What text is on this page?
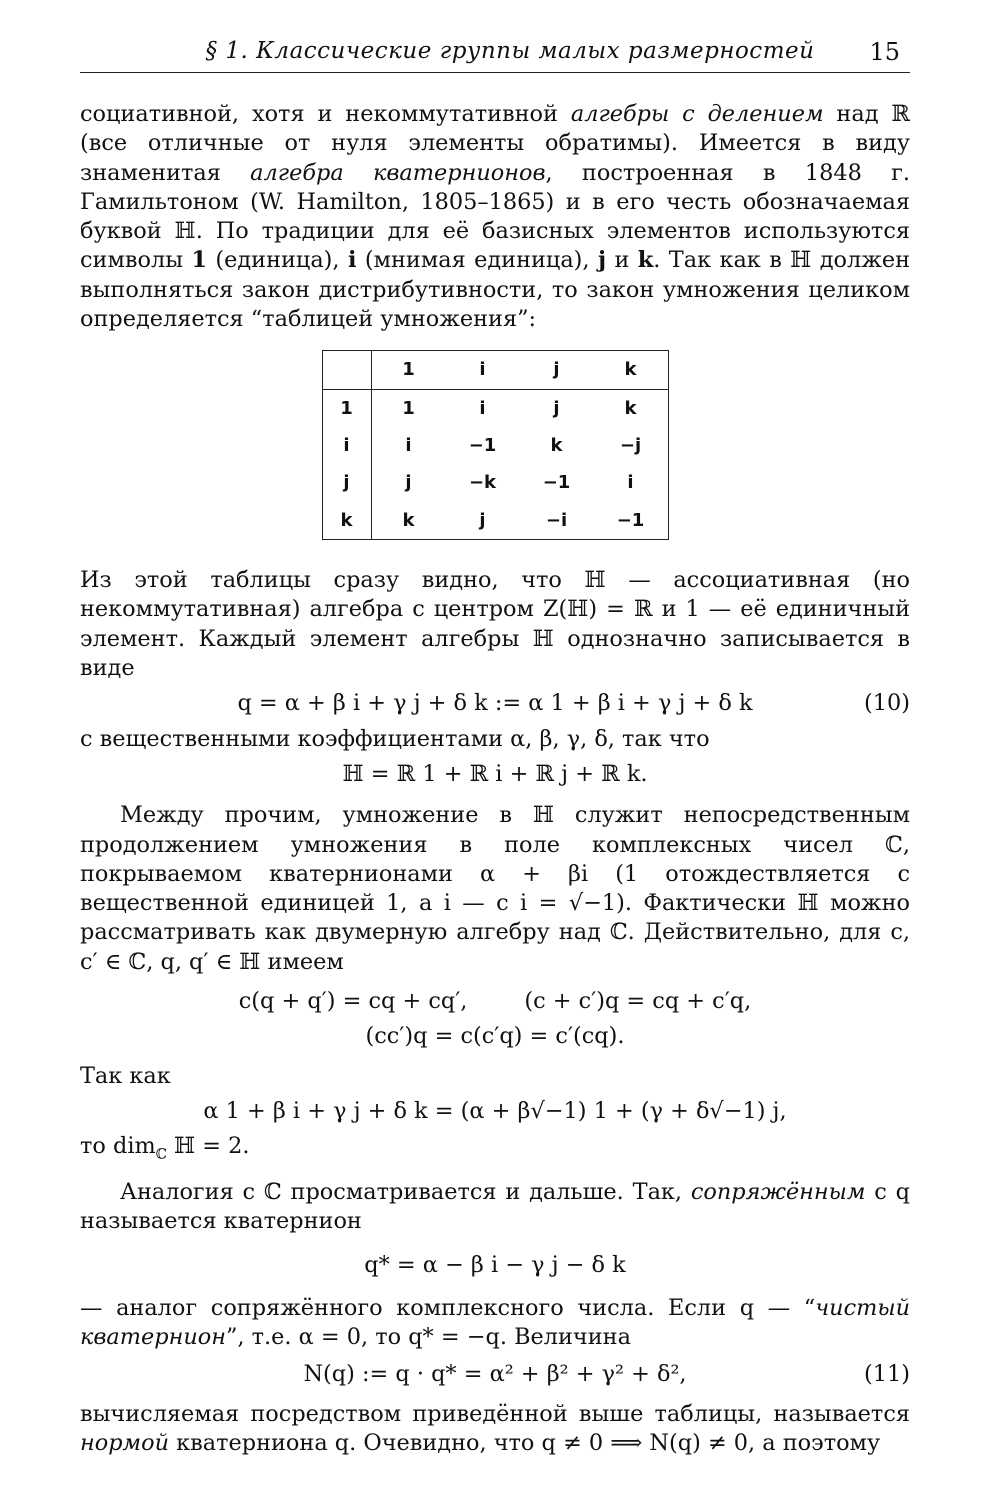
§ 1. Классические группы малых размерностей 15

социативной, хотя и некоммутативной алгебры с делением над ℝ (все отличные от нуля элементы обратимы). Имеется в виду знаменитая алгебра кватернионов, построенная в 1848 г. Гамильтоном (W. Hamilton, 1805–1865) и в его честь обозначаемая буквой ℍ. По традиции для её базисных элементов используются символы 1 (единица), i (мнимая единица), j и k. Так как в ℍ должен выполняться закон дистрибутивности, то закон умножения целиком определяется “таблицей умножения”:

	1	i	j	k
1	1	i	j	k
i	i	−1	k	−j
j	j	−k	−1	i
k	k	j	−i	−1

Из этой таблицы сразу видно, что ℍ — ассоциативная (но некоммутативная) алгебра с центром Z(ℍ) = ℝ и 1 — её единичный элемент. Каждый элемент алгебры ℍ однозначно записывается в виде

q = α + β i + γ j + δ k := α 1 + β i + γ j + δ k	(10)

с вещественными коэффициентами α, β, γ, δ, так что

ℍ = ℝ 1 + ℝ i + ℝ j + ℝ k.

Между прочим, умножение в ℍ служит непосредственным продолжением умножения в поле комплексных чисел ℂ, покрываемом кватернионами α + βi (1 отождествляется с вещественной единицей 1, а i — с i = √−1). Фактически ℍ можно рассматривать как двумерную алгебру над ℂ. Действительно, для c, c′ ∈ ℂ, q, q′ ∈ ℍ имеем

c(q + q′) = cq + cq′,        (c + c′)q = cq + c′q,
(cc′)q = c(c′q) = c′(cq).

Так как

α 1 + β i + γ j + δ k = (α + β√−1) 1 + (γ + δ√−1) j,

то dim$_ℂ$ ℍ = 2.

Аналогия с ℂ просматривается и дальше. Так, сопряжённым с q называется кватернион

q* = α − β i − γ j − δ k

— аналог сопряжённого комплексного числа. Если q — “чистый кватернион”, т.е. α = 0, то q* = −q. Величина

N(q) := q · q* = α² + β² + γ² + δ²,	(11)

вычисляемая посредством приведённой выше таблицы, называется нормой кватерниона q. Очевидно, что q ≠ 0 ⟹ N(q) ≠ 0, а поэтому
